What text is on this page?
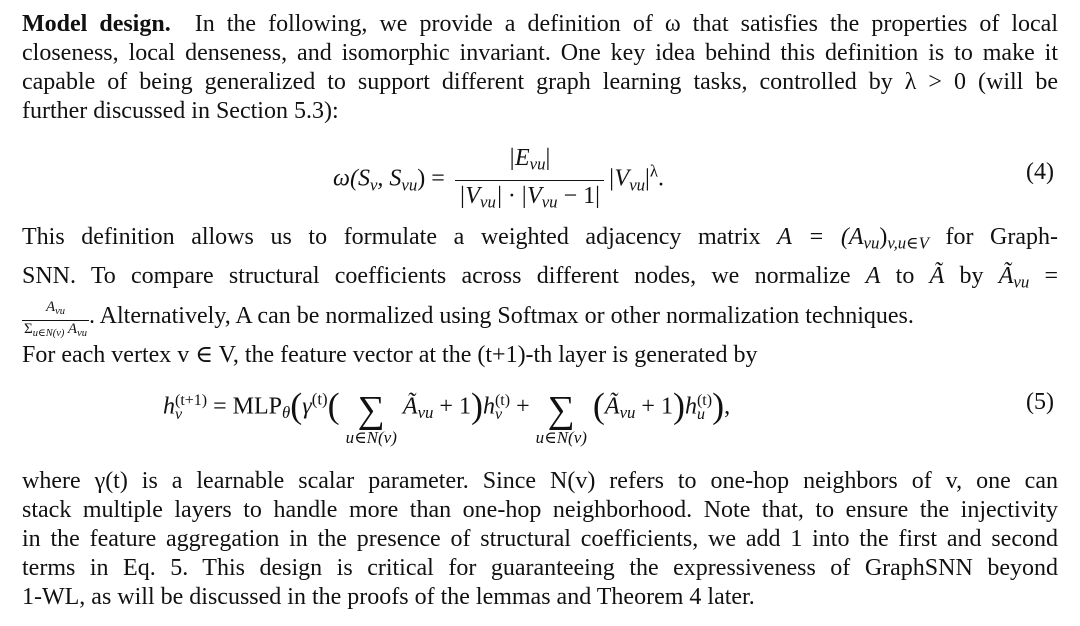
Model design. In the following, we provide a definition of ω that satisfies the properties of local
closeness, local denseness, and isomorphic invariant. One key idea behind this definition is to make it
capable of being generalized to support different graph learning tasks, controlled by λ > 0 (will be
further discussed in Section 5.3):
$\omega(S_v$, $S_{vu}) = \frac{|E_{vu}|}{|V_{vu}| \cdot |V_{vu} - 1|} |V_{vu}|^\lambda$.	(4)
This definition allows us to formulate a weighted adjacency matrix $A = (A_{vu})_{v,u\in V}$ for Graph-
SNN. To compare structural coefficients across different nodes, we normalize A to Ã by $Ã_{vu}$ =
$\frac{A_{vu}}{\Sigma_{u\in N(v)} A_{vu}}$ . Alternatively, A can be normalized using Softmax or other normalization techniques.
For each vertex v ∈ V, the feature vector at the (t+1)-th layer is generated by
h (t+1)
v	= $MLP_\theta(\gamma^{(t)}$( ∑
u∈N(v)
$Ã_{vu} + 1)h$ (t)
v + ∑
u∈N(v)
$(Ã_{vu} + 1)h$ (t)
u ),	(5)
where γ(t) is a learnable scalar parameter. Since N(v) refers to one-hop neighbors of v, one can
stack multiple layers to handle more than one-hop neighborhood. Note that, to ensure the injectivity
in the feature aggregation in the presence of structural coefficients, we add 1 into the first and second
terms in Eq. 5. This design is critical for guaranteeing the expressiveness of GraphSNN beyond
1-WL, as will be discussed in the proofs of the lemmas and Theorem 4 later.
